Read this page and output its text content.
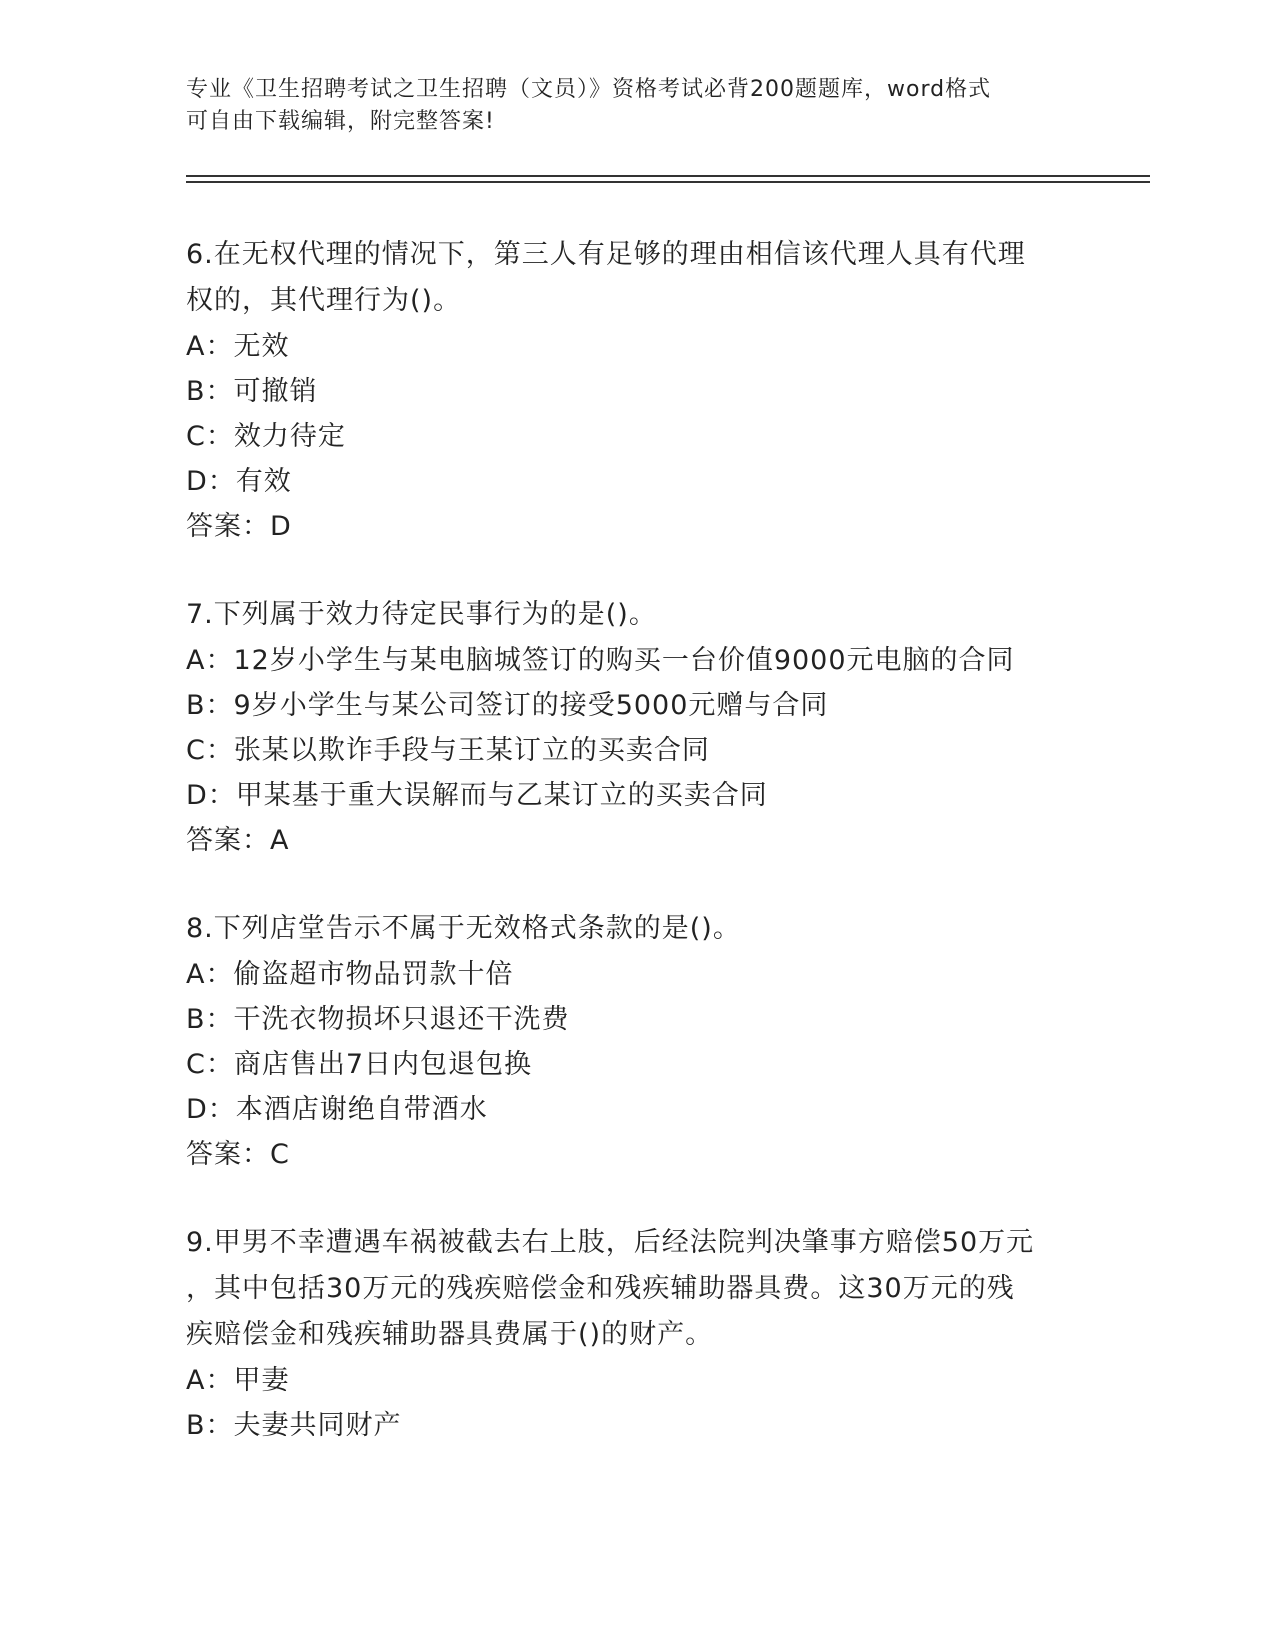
专业《卫生招聘考试之卫生招聘（文员）》资格考试必背200题题库，word格式
可自由下载编辑，附完整答案!
6.在无权代理的情况下，第三人有足够的理由相信该代理人具有代理
权的，其代理行为()。
A：无效
B：可撤销
C：效力待定
D：有效
答案：D
7.下列属于效力待定民事行为的是()。
A：12岁小学生与某电脑城签订的购买一台价值9000元电脑的合同
B：9岁小学生与某公司签订的接受5000元赠与合同
C：张某以欺诈手段与王某订立的买卖合同
D：甲某基于重大误解而与乙某订立的买卖合同
答案：A
8.下列店堂告示不属于无效格式条款的是()。
A：偷盗超市物品罚款十倍
B：干洗衣物损坏只退还干洗费
C：商店售出7日内包退包换
D：本酒店谢绝自带酒水
答案：C
9.甲男不幸遭遇车祸被截去右上肢，后经法院判决肇事方赔偿50万元
，其中包括30万元的残疾赔偿金和残疾辅助器具费。这30万元的残
疾赔偿金和残疾辅助器具费属于()的财产。
A：甲妻
B：夫妻共同财产
